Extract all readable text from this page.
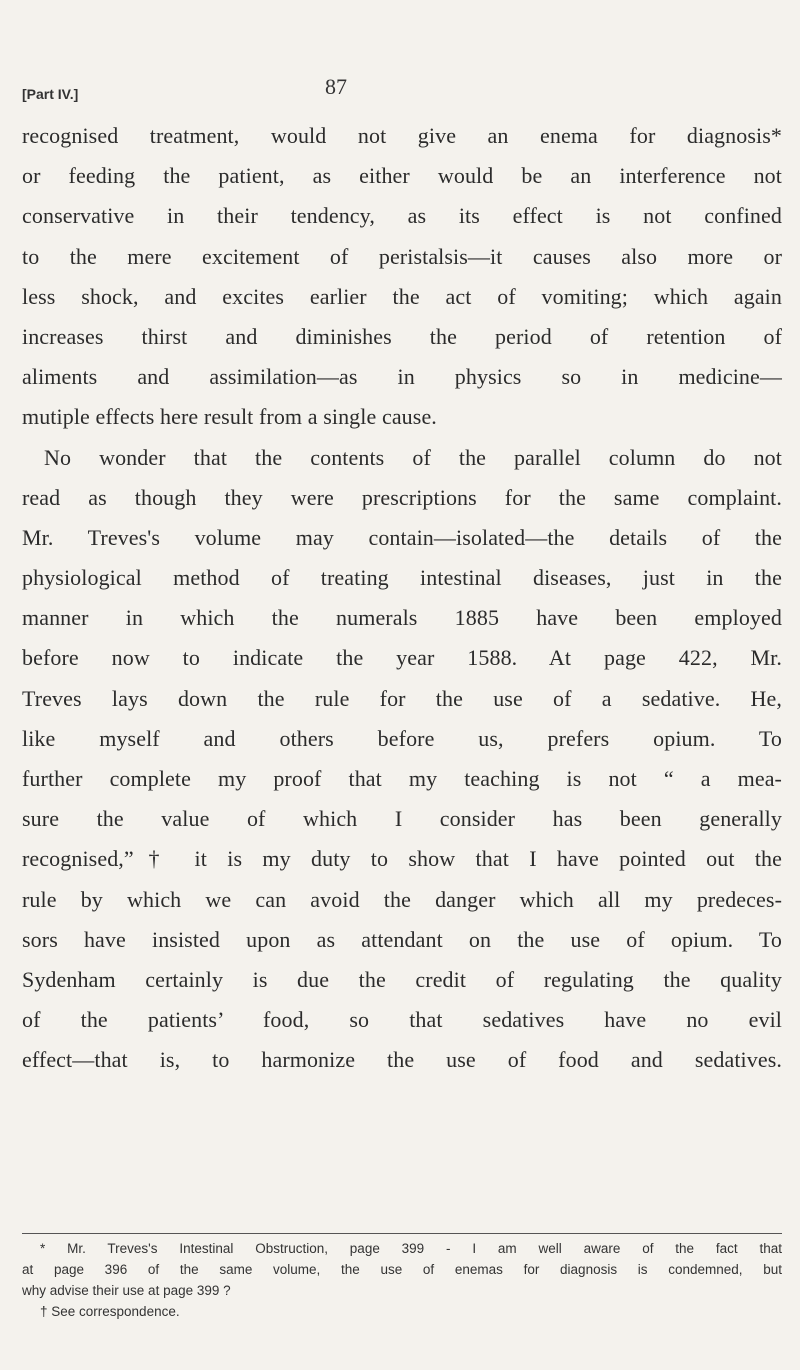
[Part IV.]	87
recognised treatment, would not give an enema for diagnosis*
or feeding the patient, as either would be an interference not
conservative in their tendency, as its effect is not confined
to the mere excitement of peristalsis—it causes also more or
less shock, and excites earlier the act of vomiting; which again
increases thirst and diminishes the period of retention of
aliments and assimilation—as in physics so in medicine—
mutiple effects here result from a single cause.
No wonder that the contents of the parallel column do not
read as though they were prescriptions for the same complaint.
Mr. Treves's volume may contain—isolated—the details of the
physiological method of treating intestinal diseases, just in the
manner in which the numerals 1885 have been employed
before now to indicate the year 1588. At page 422, Mr.
Treves lays down the rule for the use of a sedative. He,
like myself and others before us, prefers opium. To
further complete my proof that my teaching is not “ a mea-
sure the value of which I consider has been generally
recognised,”† it is my duty to show that I have pointed out the
rule by which we can avoid the danger which all my predeces-
sors have insisted upon as attendant on the use of opium. To
Sydenham certainly is due the credit of regulating the quality
of the patients’ food, so that sedatives have no evil
effect—that is, to harmonize the use of food and sedatives.
* Mr. Treves's Intestinal Obstruction, page 399 - I am well aware of the fact that
at page 396 of the same volume, the use of enemas for diagnosis is condemned, but
why advise their use at page 399 ?
† See correspondence.
